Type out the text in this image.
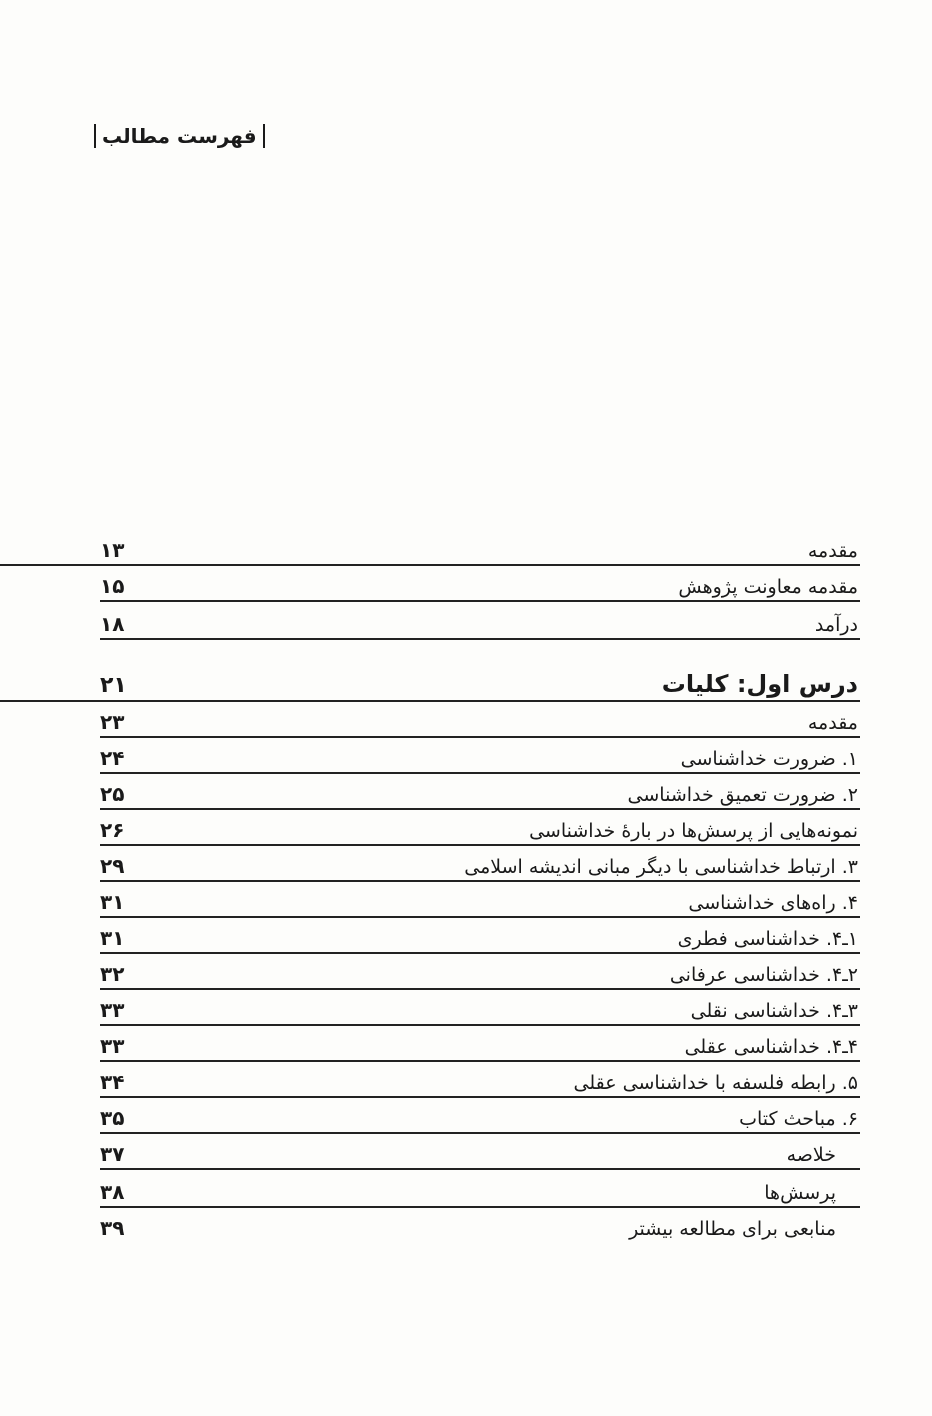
فهرست مطالب
مقدمه
۱۳
مقدمه معاونت پژوهش
۱۵
درآمد
۱۸
درس اول: کلیات
۲۱
مقدمه
۲۳
۱. ضرورت خداشناسی
۲۴
۲. ضرورت تعمیق خداشناسی
۲۵
نمونه‌هایی از پرسش‌ها در بارهٔ خداشناسی
۲۶
۳. ارتباط خداشناسی با دیگر مبانی اندیشه اسلامی
۲۹
۴. راه‌های خداشناسی
۳۱
۱ـ۴. خداشناسی فطری
۳۱
۲ـ۴. خداشناسی عرفانی
۳۲
۳ـ۴. خداشناسی نقلی
۳۳
۴ـ۴. خداشناسی عقلی
۳۳
۵. رابطه فلسفه با خداشناسی عقلی
۳۴
۶. مباحث کتاب
۳۵
خلاصه
۳۷
پرسش‌ها
۳۸
منابعی برای مطالعه بیشتر
۳۹
